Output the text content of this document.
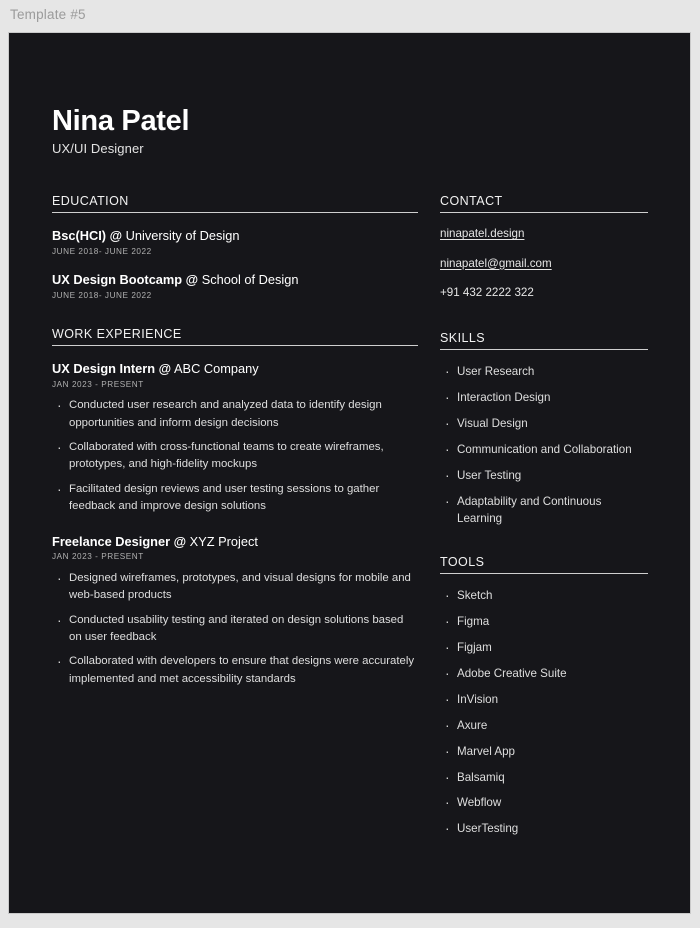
Template #5
Nina Patel

UX/UI Designer

EDUCATION

Bsc(HCI) @ University of Design

JUNE 2018- JUNE 2022

UX Design Bootcamp @ School of Design

JUNE 2018- JUNE 2022

WORK EXPERIENCE

UX Design Intern @ ABC Company

JAN 2023 - PRESENT

· Conducted user research and analyzed data to identify design opportunities and inform design decisions
· Collaborated with cross-functional teams to create wireframes, prototypes, and high-fidelity mockups
· Facilitated design reviews and user testing sessions to gather feedback and improve design solutions

Freelance Designer @ XYZ Project

JAN 2023 - PRESENT

· Designed wireframes, prototypes, and visual designs for mobile and web-based products
· Conducted usability testing and iterated on design solutions based on user feedback
· Collaborated with developers to ensure that designs were accurately implemented and met accessibility standards
CONTACT
ninapatel.design
ninapatel@gmail.com
+91 432 2222 322
SKILLS
· User Research
· Interaction Design
· Visual Design
· Communication and Collaboration
· User Testing
· Adaptability and Continuous Learning
TOOLS
· Sketch
· Figma
· Figjam
· Adobe Creative Suite
· InVision
· Axure
· Marvel App
· Balsamiq
· Webflow
· UserTesting
